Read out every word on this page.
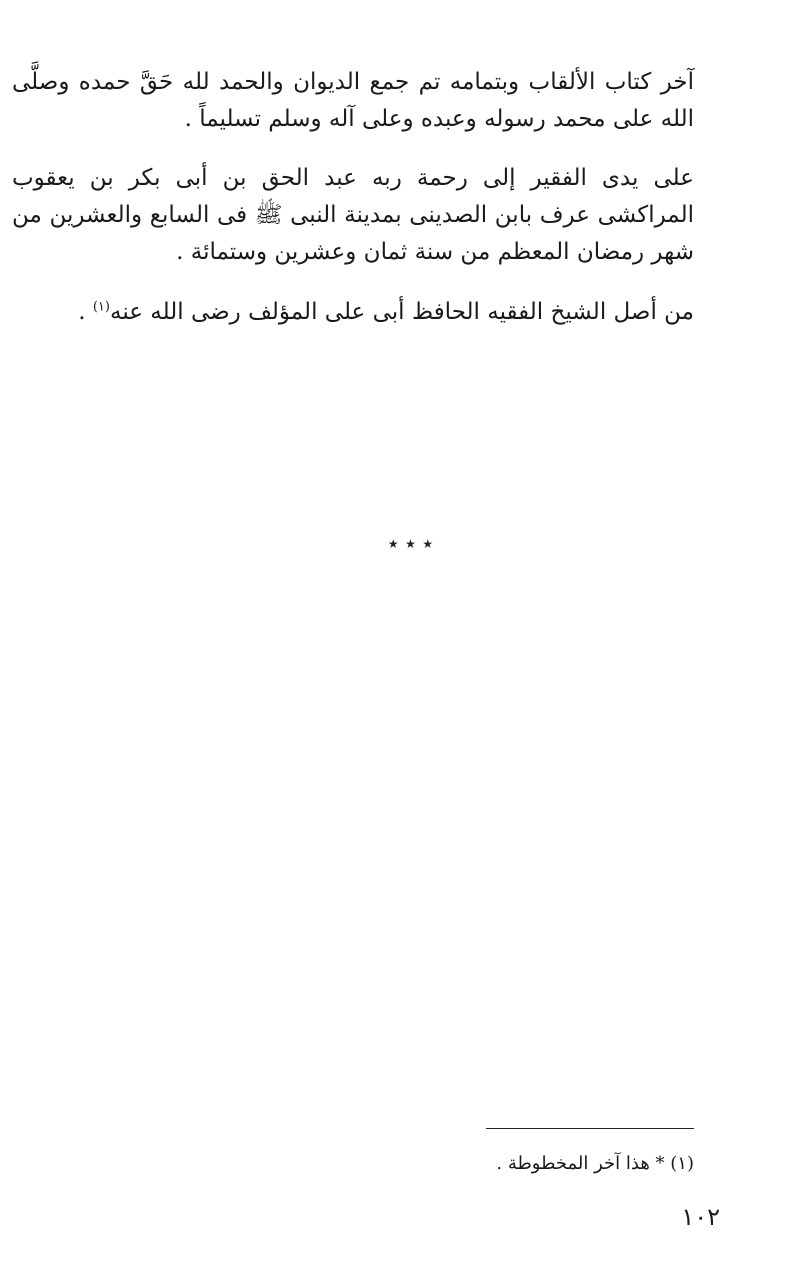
آخر كتاب الألقاب وبتمامه تم جمع الديوان والحمد لله حَقَّ حمده وصلَّى الله على محمد رسوله وعبده وعلى آله وسلم تسليماً .

على يدى الفقير إلى رحمة ربه عبد الحق بن أبى بكر بن يعقوب المراكشى عرف بابن الصدينى بمدينة النبى ﷺ فى السابع والعشرين من شهر رمضان المعظم من سنة ثمان وعشرين وستمائة .

من أصل الشيخ الفقيه الحافظ أبى على المؤلف رضى الله عنه$^{(١)}$ .

٭ ٭ ٭
(١) * هذا آخر المخطوطة .
١٠٢
